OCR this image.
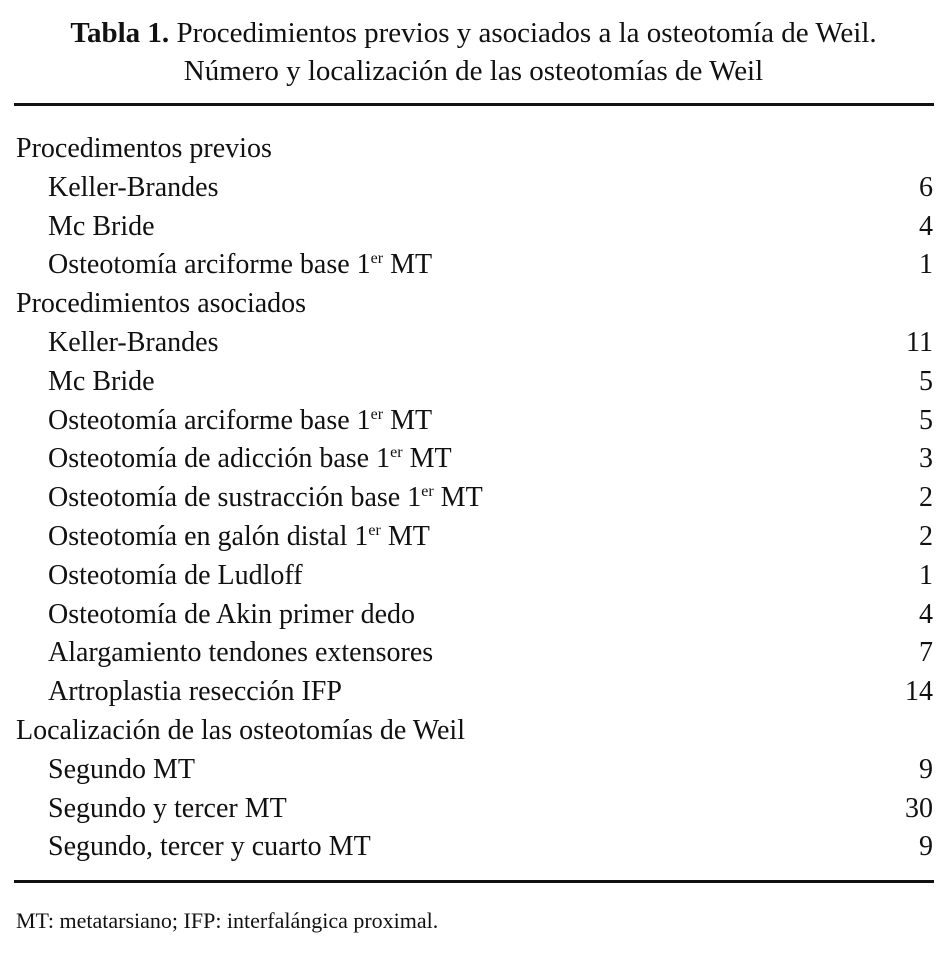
Tabla 1. Procedimientos previos y asociados a la osteotomía de Weil.
Número y localización de las osteotomías de Weil
Procedimentos previos
Keller-Brandes	6
Mc Bride	4
Osteotomía arciforme base 1er MT	1
Procedimientos asociados
Keller-Brandes	11
Mc Bride	5
Osteotomía arciforme base 1er MT	5
Osteotomía de adicción base 1er MT	3
Osteotomía de sustracción base 1er MT	2
Osteotomía en galón distal 1er MT	2
Osteotomía de Ludloff	1
Osteotomía de Akin primer dedo	4
Alargamiento tendones extensores	7
Artroplastia resección IFP	14
Localización de las osteotomías de Weil
Segundo MT	9
Segundo y tercer MT	30
Segundo, tercer y cuarto MT	9
MT: metatarsiano; IFP: interfalángica proximal.
